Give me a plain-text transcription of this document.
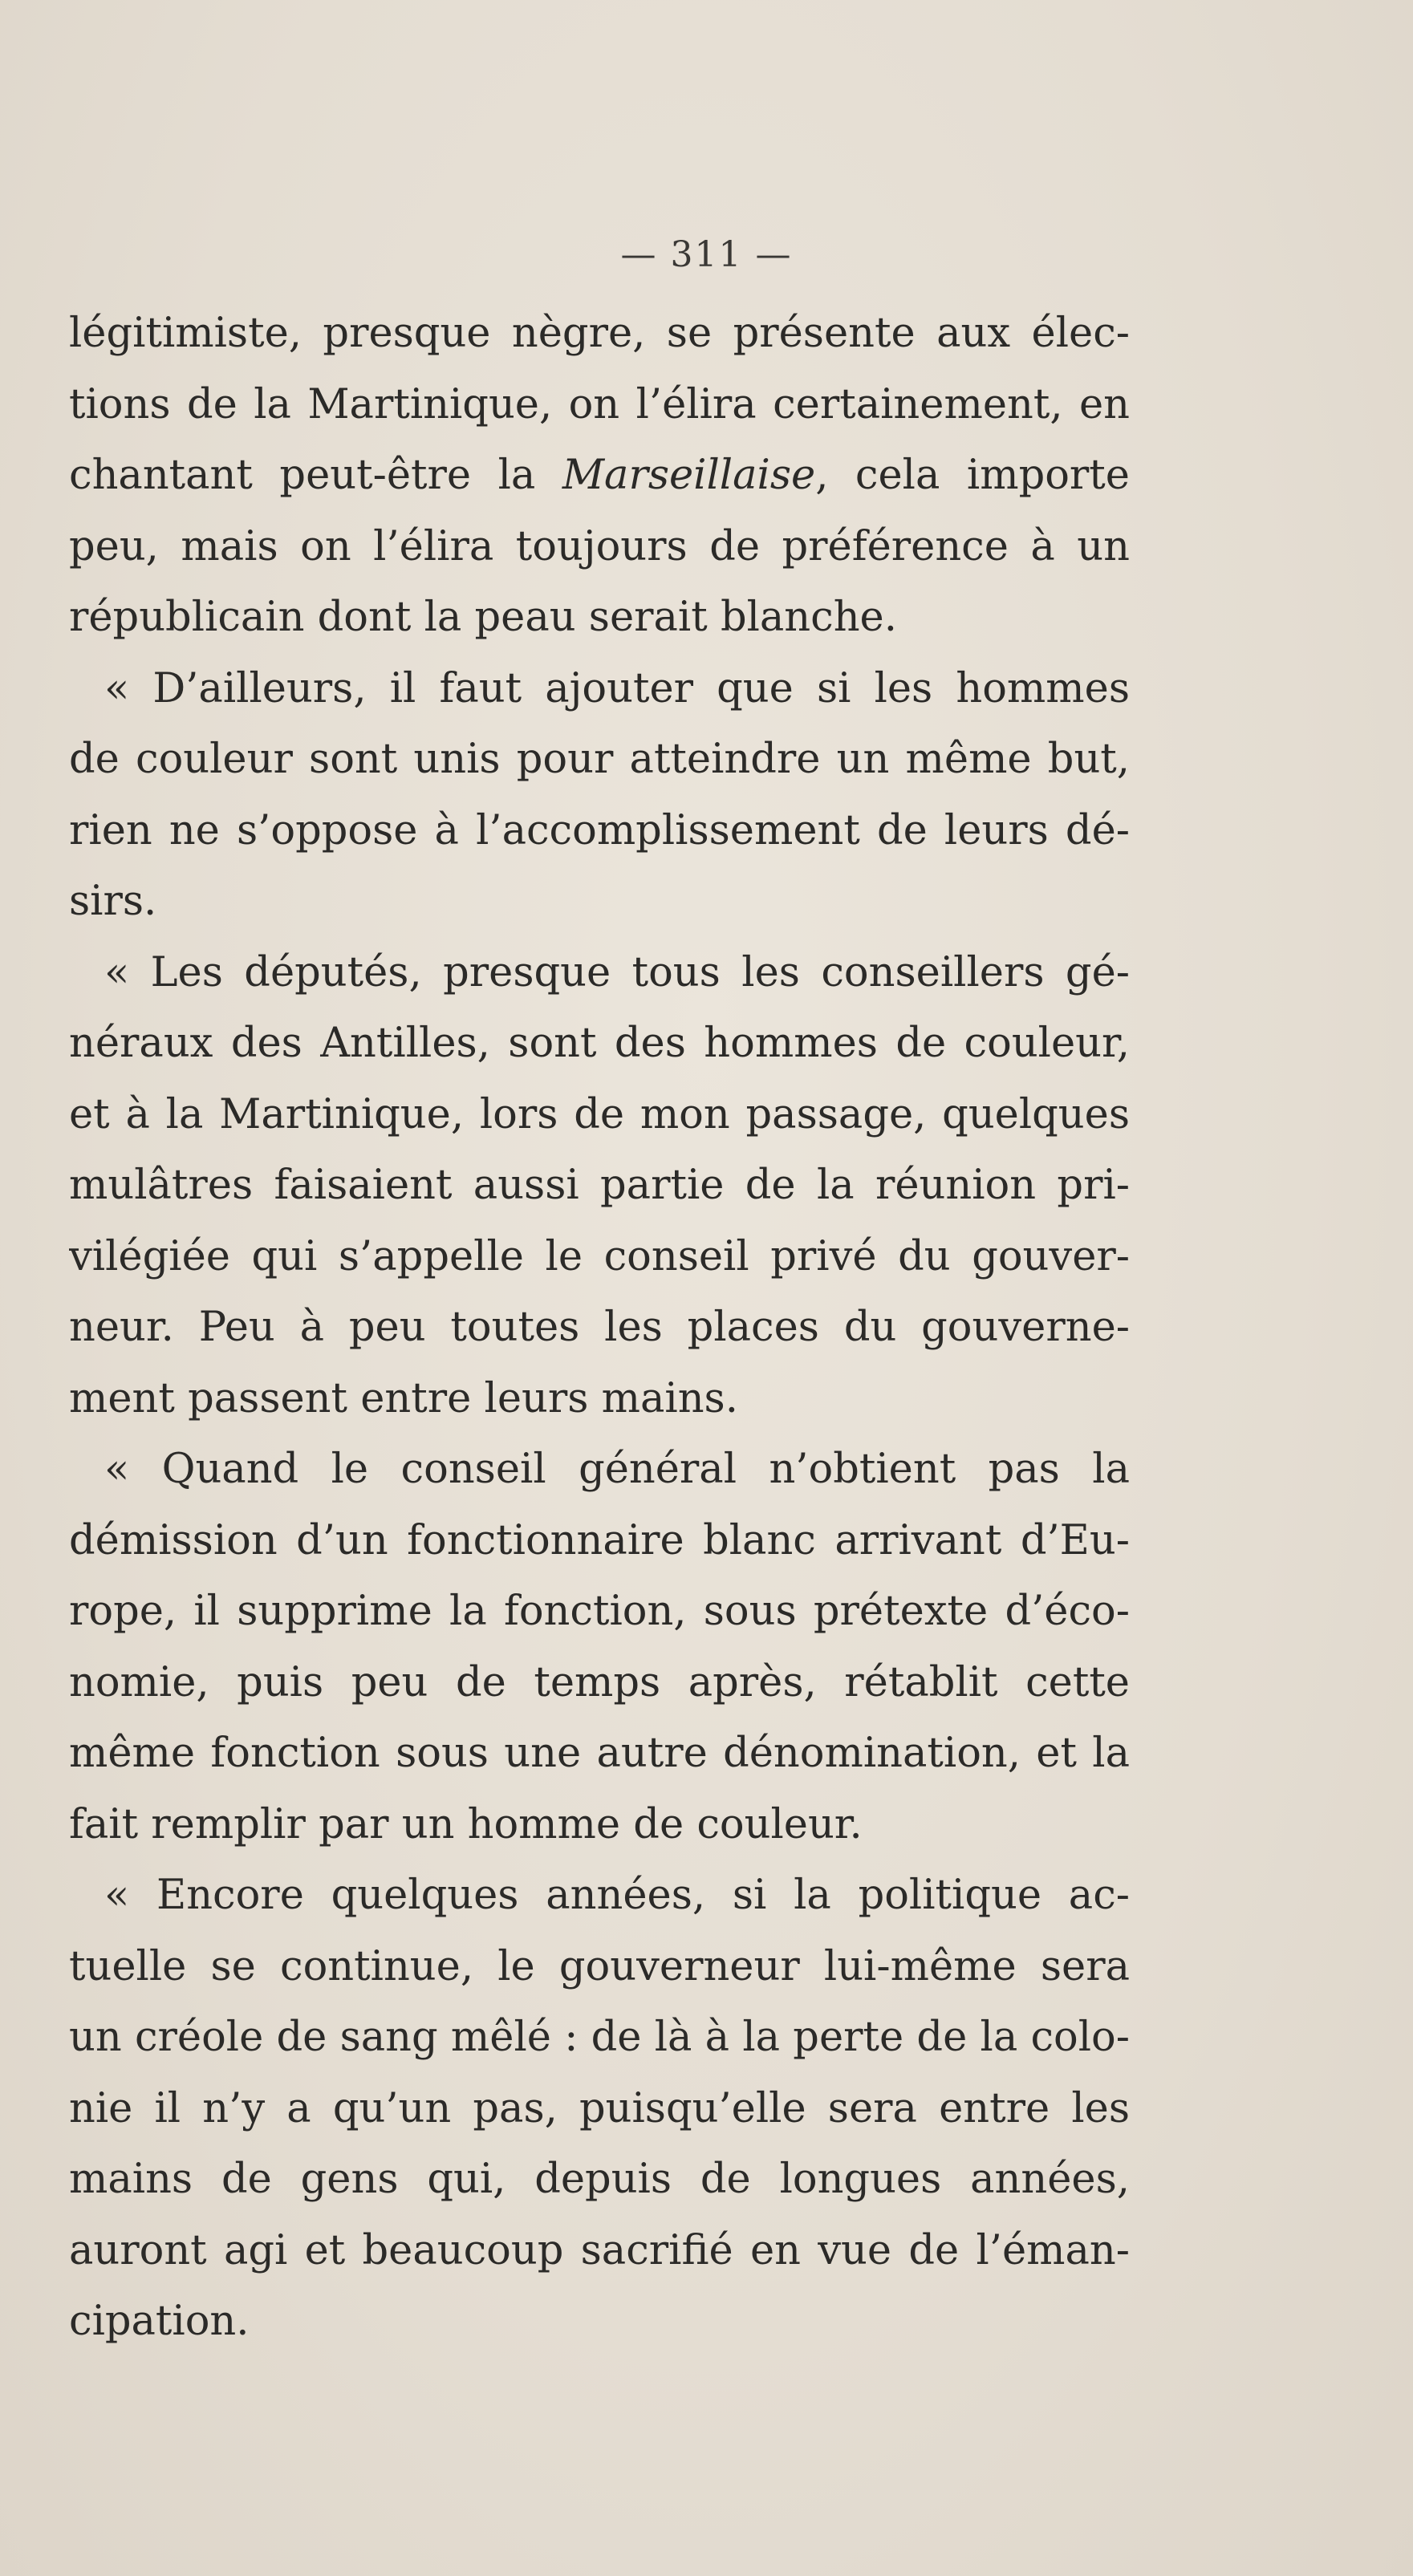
— 311 —
légitimiste, presque nègre, se présente aux élec-
tions de la Martinique, on l’élira certainement, en
chantant peut-être la Marseillaise, cela importe
peu, mais on l’élira toujours de préférence à un
républicain dont la peau serait blanche.
« D’ailleurs, il faut ajouter que si les hommes
de couleur sont unis pour atteindre un même but,
rien ne s’oppose à l’accomplissement de leurs dé-
sirs.
« Les députés, presque tous les conseillers gé-
néraux des Antilles, sont des hommes de couleur,
et à la Martinique, lors de mon passage, quelques
mulâtres faisaient aussi partie de la réunion pri-
vilégiée qui s’appelle le conseil privé du gouver-
neur. Peu à peu toutes les places du gouverne-
ment passent entre leurs mains.
« Quand le conseil général n’obtient pas la
démission d’un fonctionnaire blanc arrivant d’Eu-
rope, il supprime la fonction, sous prétexte d’éco-
nomie, puis peu de temps après, rétablit cette
même fonction sous une autre dénomination, et la
fait remplir par un homme de couleur.
« Encore quelques années, si la politique ac-
tuelle se continue, le gouverneur lui-même sera
un créole de sang mêlé : de là à la perte de la colo-
nie il n’y a qu’un pas, puisqu’elle sera entre les
mains de gens qui, depuis de longues années,
auront agi et beaucoup sacrifié en vue de l’éman-
cipation.
